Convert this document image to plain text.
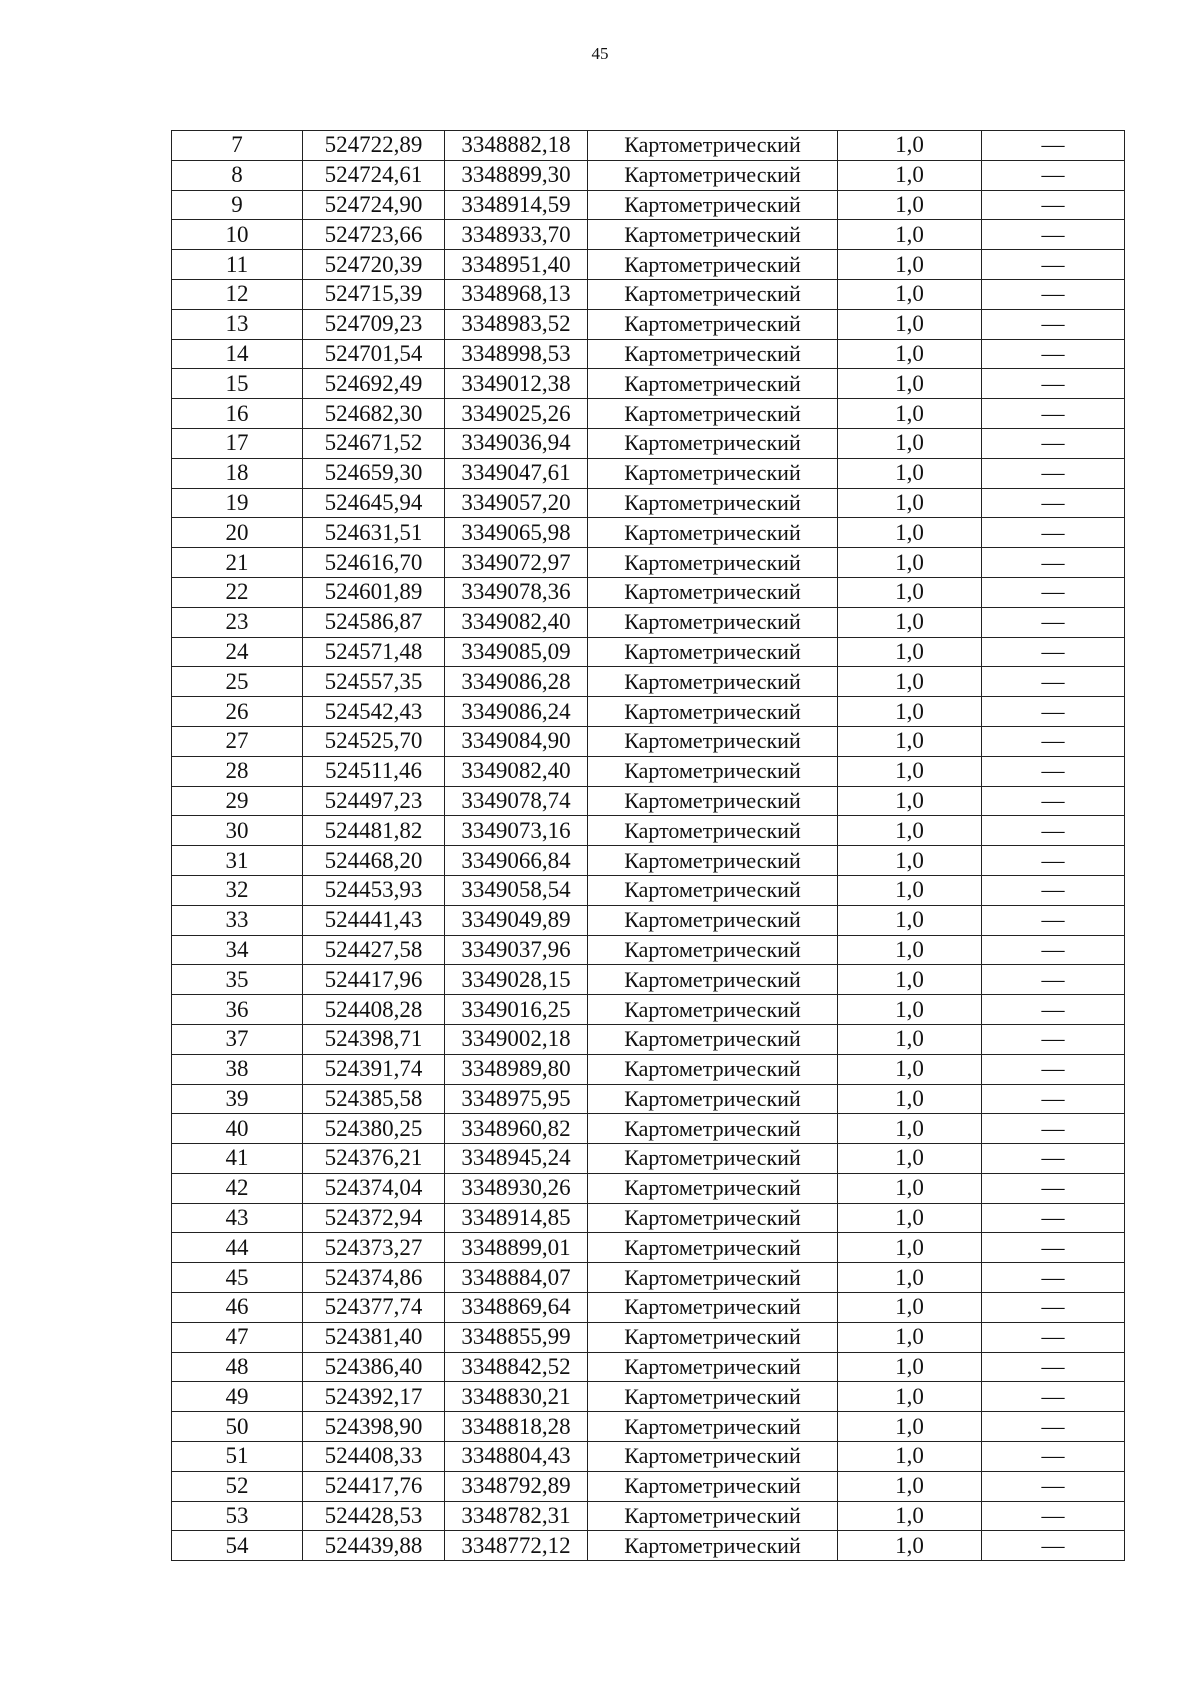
45
7	524722,89	3348882,18	Картометрический	1,0	—
8	524724,61	3348899,30	Картометрический	1,0	—
9	524724,90	3348914,59	Картометрический	1,0	—
10	524723,66	3348933,70	Картометрический	1,0	—
11	524720,39	3348951,40	Картометрический	1,0	—
12	524715,39	3348968,13	Картометрический	1,0	—
13	524709,23	3348983,52	Картометрический	1,0	—
14	524701,54	3348998,53	Картометрический	1,0	—
15	524692,49	3349012,38	Картометрический	1,0	—
16	524682,30	3349025,26	Картометрический	1,0	—
17	524671,52	3349036,94	Картометрический	1,0	—
18	524659,30	3349047,61	Картометрический	1,0	—
19	524645,94	3349057,20	Картометрический	1,0	—
20	524631,51	3349065,98	Картометрический	1,0	—
21	524616,70	3349072,97	Картометрический	1,0	—
22	524601,89	3349078,36	Картометрический	1,0	—
23	524586,87	3349082,40	Картометрический	1,0	—
24	524571,48	3349085,09	Картометрический	1,0	—
25	524557,35	3349086,28	Картометрический	1,0	—
26	524542,43	3349086,24	Картометрический	1,0	—
27	524525,70	3349084,90	Картометрический	1,0	—
28	524511,46	3349082,40	Картометрический	1,0	—
29	524497,23	3349078,74	Картометрический	1,0	—
30	524481,82	3349073,16	Картометрический	1,0	—
31	524468,20	3349066,84	Картометрический	1,0	—
32	524453,93	3349058,54	Картометрический	1,0	—
33	524441,43	3349049,89	Картометрический	1,0	—
34	524427,58	3349037,96	Картометрический	1,0	—
35	524417,96	3349028,15	Картометрический	1,0	—
36	524408,28	3349016,25	Картометрический	1,0	—
37	524398,71	3349002,18	Картометрический	1,0	—
38	524391,74	3348989,80	Картометрический	1,0	—
39	524385,58	3348975,95	Картометрический	1,0	—
40	524380,25	3348960,82	Картометрический	1,0	—
41	524376,21	3348945,24	Картометрический	1,0	—
42	524374,04	3348930,26	Картометрический	1,0	—
43	524372,94	3348914,85	Картометрический	1,0	—
44	524373,27	3348899,01	Картометрический	1,0	—
45	524374,86	3348884,07	Картометрический	1,0	—
46	524377,74	3348869,64	Картометрический	1,0	—
47	524381,40	3348855,99	Картометрический	1,0	—
48	524386,40	3348842,52	Картометрический	1,0	—
49	524392,17	3348830,21	Картометрический	1,0	—
50	524398,90	3348818,28	Картометрический	1,0	—
51	524408,33	3348804,43	Картометрический	1,0	—
52	524417,76	3348792,89	Картометрический	1,0	—
53	524428,53	3348782,31	Картометрический	1,0	—
54	524439,88	3348772,12	Картометрический	1,0	—
